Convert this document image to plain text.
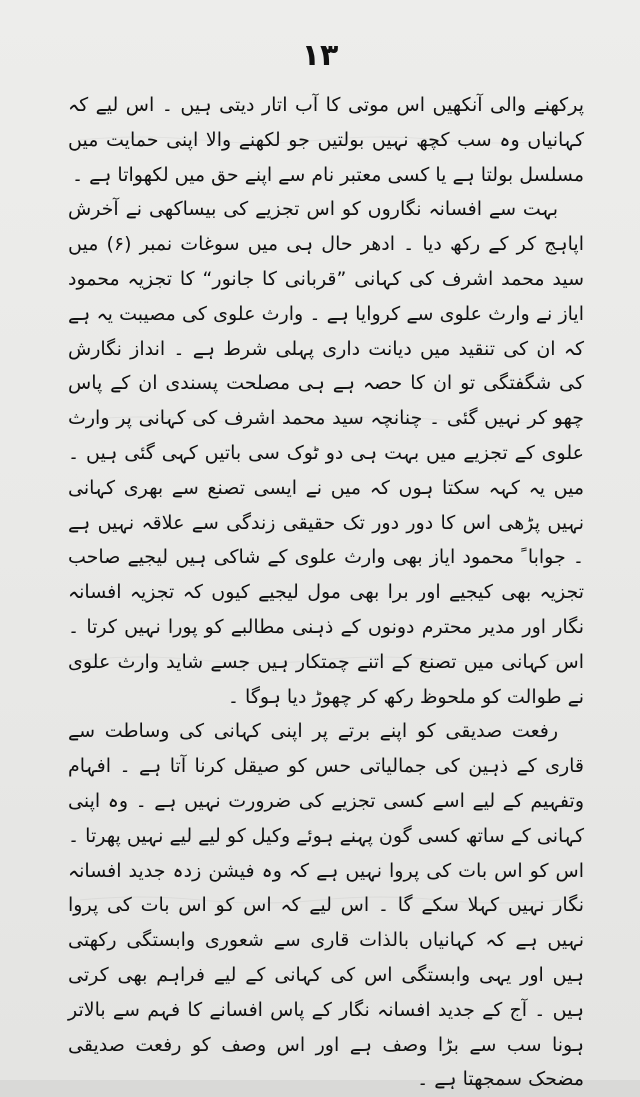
۱۳

پرکھنے والی آنکھیں اس موتی کا آب اتار دیتی ہیں ۔ اس لیے کہ کہانیاں وہ سب کچھ نہیں بولتیں جو لکھنے والا اپنی حمایت میں مسلسل بولتا ہے یا کسی معتبر نام سے اپنے حق میں لکھواتا ہے ۔

بہت سے افسانہ نگاروں کو اس تجزیے کی بیساکھی نے آخرش اپاہج کر کے رکھ دیا ۔ ادھر حال ہی میں سوغات نمبر (۶) میں سید محمد اشرف کی کہانی ”قربانی کا جانور“ کا تجزیہ محمود ایاز نے وارث علوی سے کروایا ہے ۔ وارث علوی کی مصیبت یہ ہے کہ ان کی تنقید میں دیانت داری پہلی شرط ہے ۔ انداز نگارش کی شگفتگی تو ان کا حصہ ہے ہی مصلحت پسندی ان کے پاس چھو کر نہیں گئی ۔ چنانچہ سید محمد اشرف کی کہانی پر وارث علوی کے تجزیے میں بہت ہی دو ٹوک سی باتیں کہی گئی ہیں ۔ میں یہ کہہ سکتا ہوں کہ میں نے ایسی تصنع سے بھری کہانی نہیں پڑھی اس کا دور دور تک حقیقی زندگی سے علاقہ نہیں ہے ۔ جوابا ً محمود ایاز بھی وارث علوی کے شاکی ہیں لیجیے صاحب تجزیہ بھی کیجیے اور برا بھی مول لیجیے کیوں کہ تجزیہ افسانہ نگار اور مدیر محترم دونوں کے ذہنی مطالبے کو پورا نہیں کرتا ۔ اس کہانی میں تصنع کے اتنے چمتکار ہیں جسے شاید وارث علوی نے طوالت کو ملحوظ رکھ کر چھوڑ دیا ہوگا ۔

رفعت صدیقی کو اپنے برتے پر اپنی کہانی کی وساطت سے قاری کے ذہین کی جمالیاتی حس کو صیقل کرنا آتا ہے ۔ افہام وتفہیم کے لیے اسے کسی تجزیے کی ضرورت نہیں ہے ۔ وہ اپنی کہانی کے ساتھ کسی گون پہنے ہوئے وکیل کو لیے لیے نہیں پھرتا ۔ اس کو اس بات کی پروا نہیں ہے کہ وہ فیشن زدہ جدید افسانہ نگار نہیں کہلا سکے گا ۔ اس لیے کہ اس کو اس بات کی پروا نہیں ہے کہ کہانیاں بالذات قاری سے شعوری وابستگی رکھتی ہیں اور یہی وابستگی اس کی کہانی کے لیے فراہم بھی کرتی ہیں ۔ آج کے جدید افسانہ نگار کے پاس افسانے کا فہم سے بالاتر ہونا سب سے بڑا وصف ہے اور اس وصف کو رفعت صدیقی مضحک سمجھتا ہے ۔
